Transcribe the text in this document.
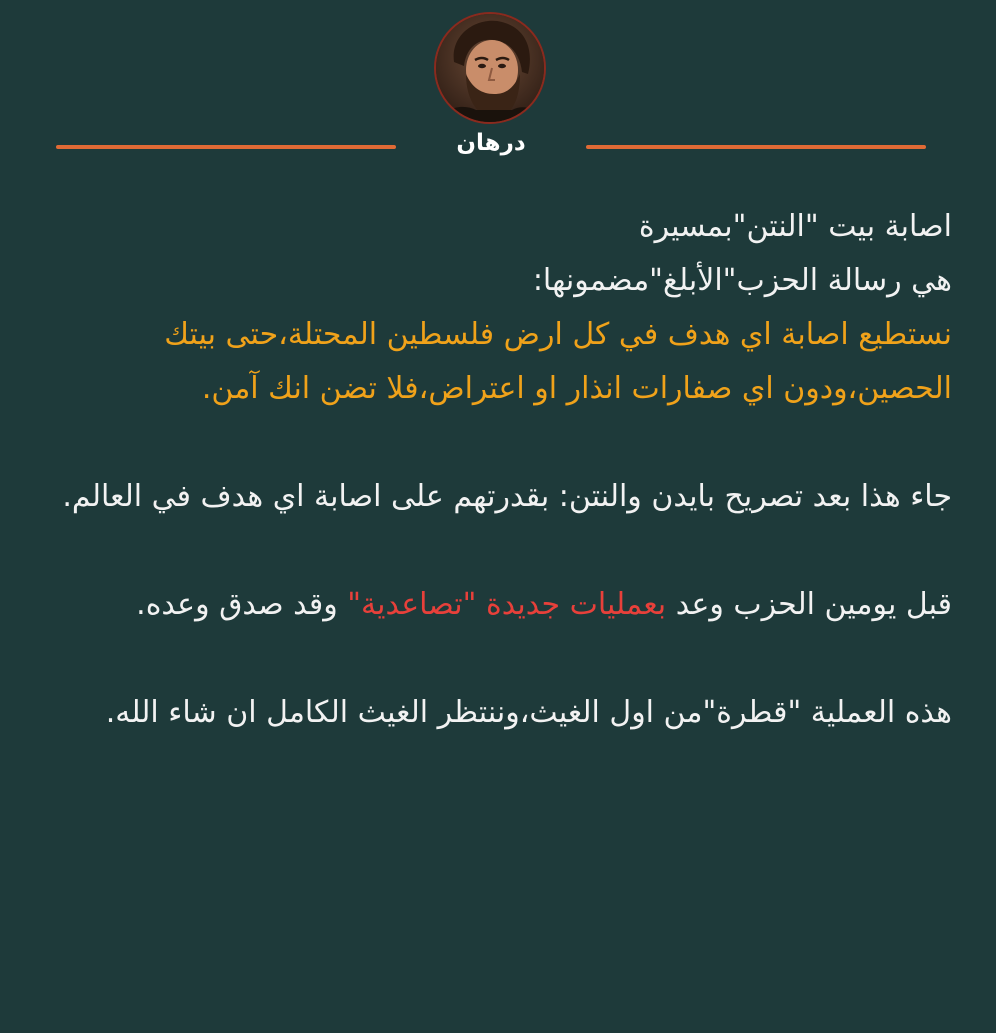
درهان

اصابة بيت "النتن"بمسيرة

هي رسالة الحزب"الأبلغ"مضمونها:

نستطيع اصابة اي هدف في كل ارض فلسطين المحتلة،حتى بيتك الحصين،ودون اي صفارات انذار او اعتراض،فلا تضن انك آمن.

جاء هذا بعد تصريح بايدن والنتن: بقدرتهم على اصابة اي هدف في العالم.

قبل يومين الحزب وعد بعمليات جديدة "تصاعدية" وقد صدق وعده.

هذه العملية "قطرة"من اول الغيث،وننتظر الغيث الكامل ان شاء الله.
